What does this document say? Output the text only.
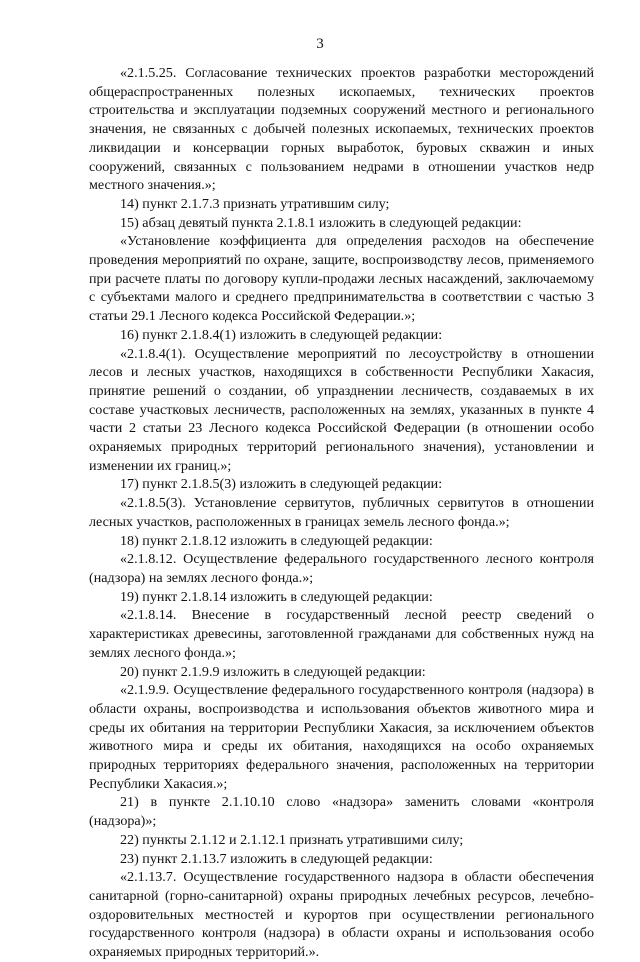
3

«2.1.5.25. Согласование технических проектов разработки месторождений общераспространенных полезных ископаемых, технических проектов строительства и эксплуатации подземных сооружений местного и регионального значения, не связанных с добычей полезных ископаемых, технических проектов ликвидации и консервации горных выработок, буровых скважин и иных сооружений, связанных с пользованием недрами в отношении участков недр местного значения.»;

14) пункт 2.1.7.3 признать утратившим силу;

15) абзац девятый пункта 2.1.8.1 изложить в следующей редакции:

«Установление коэффициента для определения расходов на обеспечение проведения мероприятий по охране, защите, воспроизводству лесов, применяемого при расчете платы по договору купли-продажи лесных насаждений, заключаемому с субъектами малого и среднего предпринимательства в соответствии с частью 3 статьи 29.1 Лесного кодекса Российской Федерации.»;

16) пункт 2.1.8.4(1) изложить в следующей редакции:

«2.1.8.4(1). Осуществление мероприятий по лесоустройству в отношении лесов и лесных участков, находящихся в собственности Республики Хакасия, принятие решений о создании, об упразднении лесничеств, создаваемых в их составе участковых лесничеств, расположенных на землях, указанных в пункте 4 части 2 статьи 23 Лесного кодекса Российской Федерации (в отношении особо охраняемых природных территорий регионального значения), установлении и изменении их границ.»;

17) пункт 2.1.8.5(3) изложить в следующей редакции:

«2.1.8.5(3). Установление сервитутов, публичных сервитутов в отношении лесных участков, расположенных в границах земель лесного фонда.»;

18) пункт 2.1.8.12 изложить в следующей редакции:

«2.1.8.12. Осуществление федерального государственного лесного контроля (надзора) на землях лесного фонда.»;

19) пункт 2.1.8.14 изложить в следующей редакции:

«2.1.8.14. Внесение в государственный лесной реестр сведений о характеристиках древесины, заготовленной гражданами для собственных нужд на землях лесного фонда.»;

20) пункт 2.1.9.9 изложить в следующей редакции:

«2.1.9.9. Осуществление федерального государственного контроля (надзора) в области охраны, воспроизводства и использования объектов животного мира и среды их обитания на территории Республики Хакасия, за исключением объектов животного мира и среды их обитания, находящихся на особо охраняемых природных территориях федерального значения, расположенных на территории Республики Хакасия.»;

21) в пункте 2.1.10.10 слово «надзора» заменить словами «контроля (надзора)»;

22) пункты 2.1.12 и 2.1.12.1 признать утратившими силу;

23) пункт 2.1.13.7 изложить в следующей редакции:

«2.1.13.7. Осуществление государственного надзора в области обеспечения санитарной (горно-санитарной) охраны природных лечебных ресурсов, лечебно-оздоровительных местностей и курортов при осуществлении регионального государственного контроля (надзора) в области охраны и использования особо охраняемых природных территорий.».
